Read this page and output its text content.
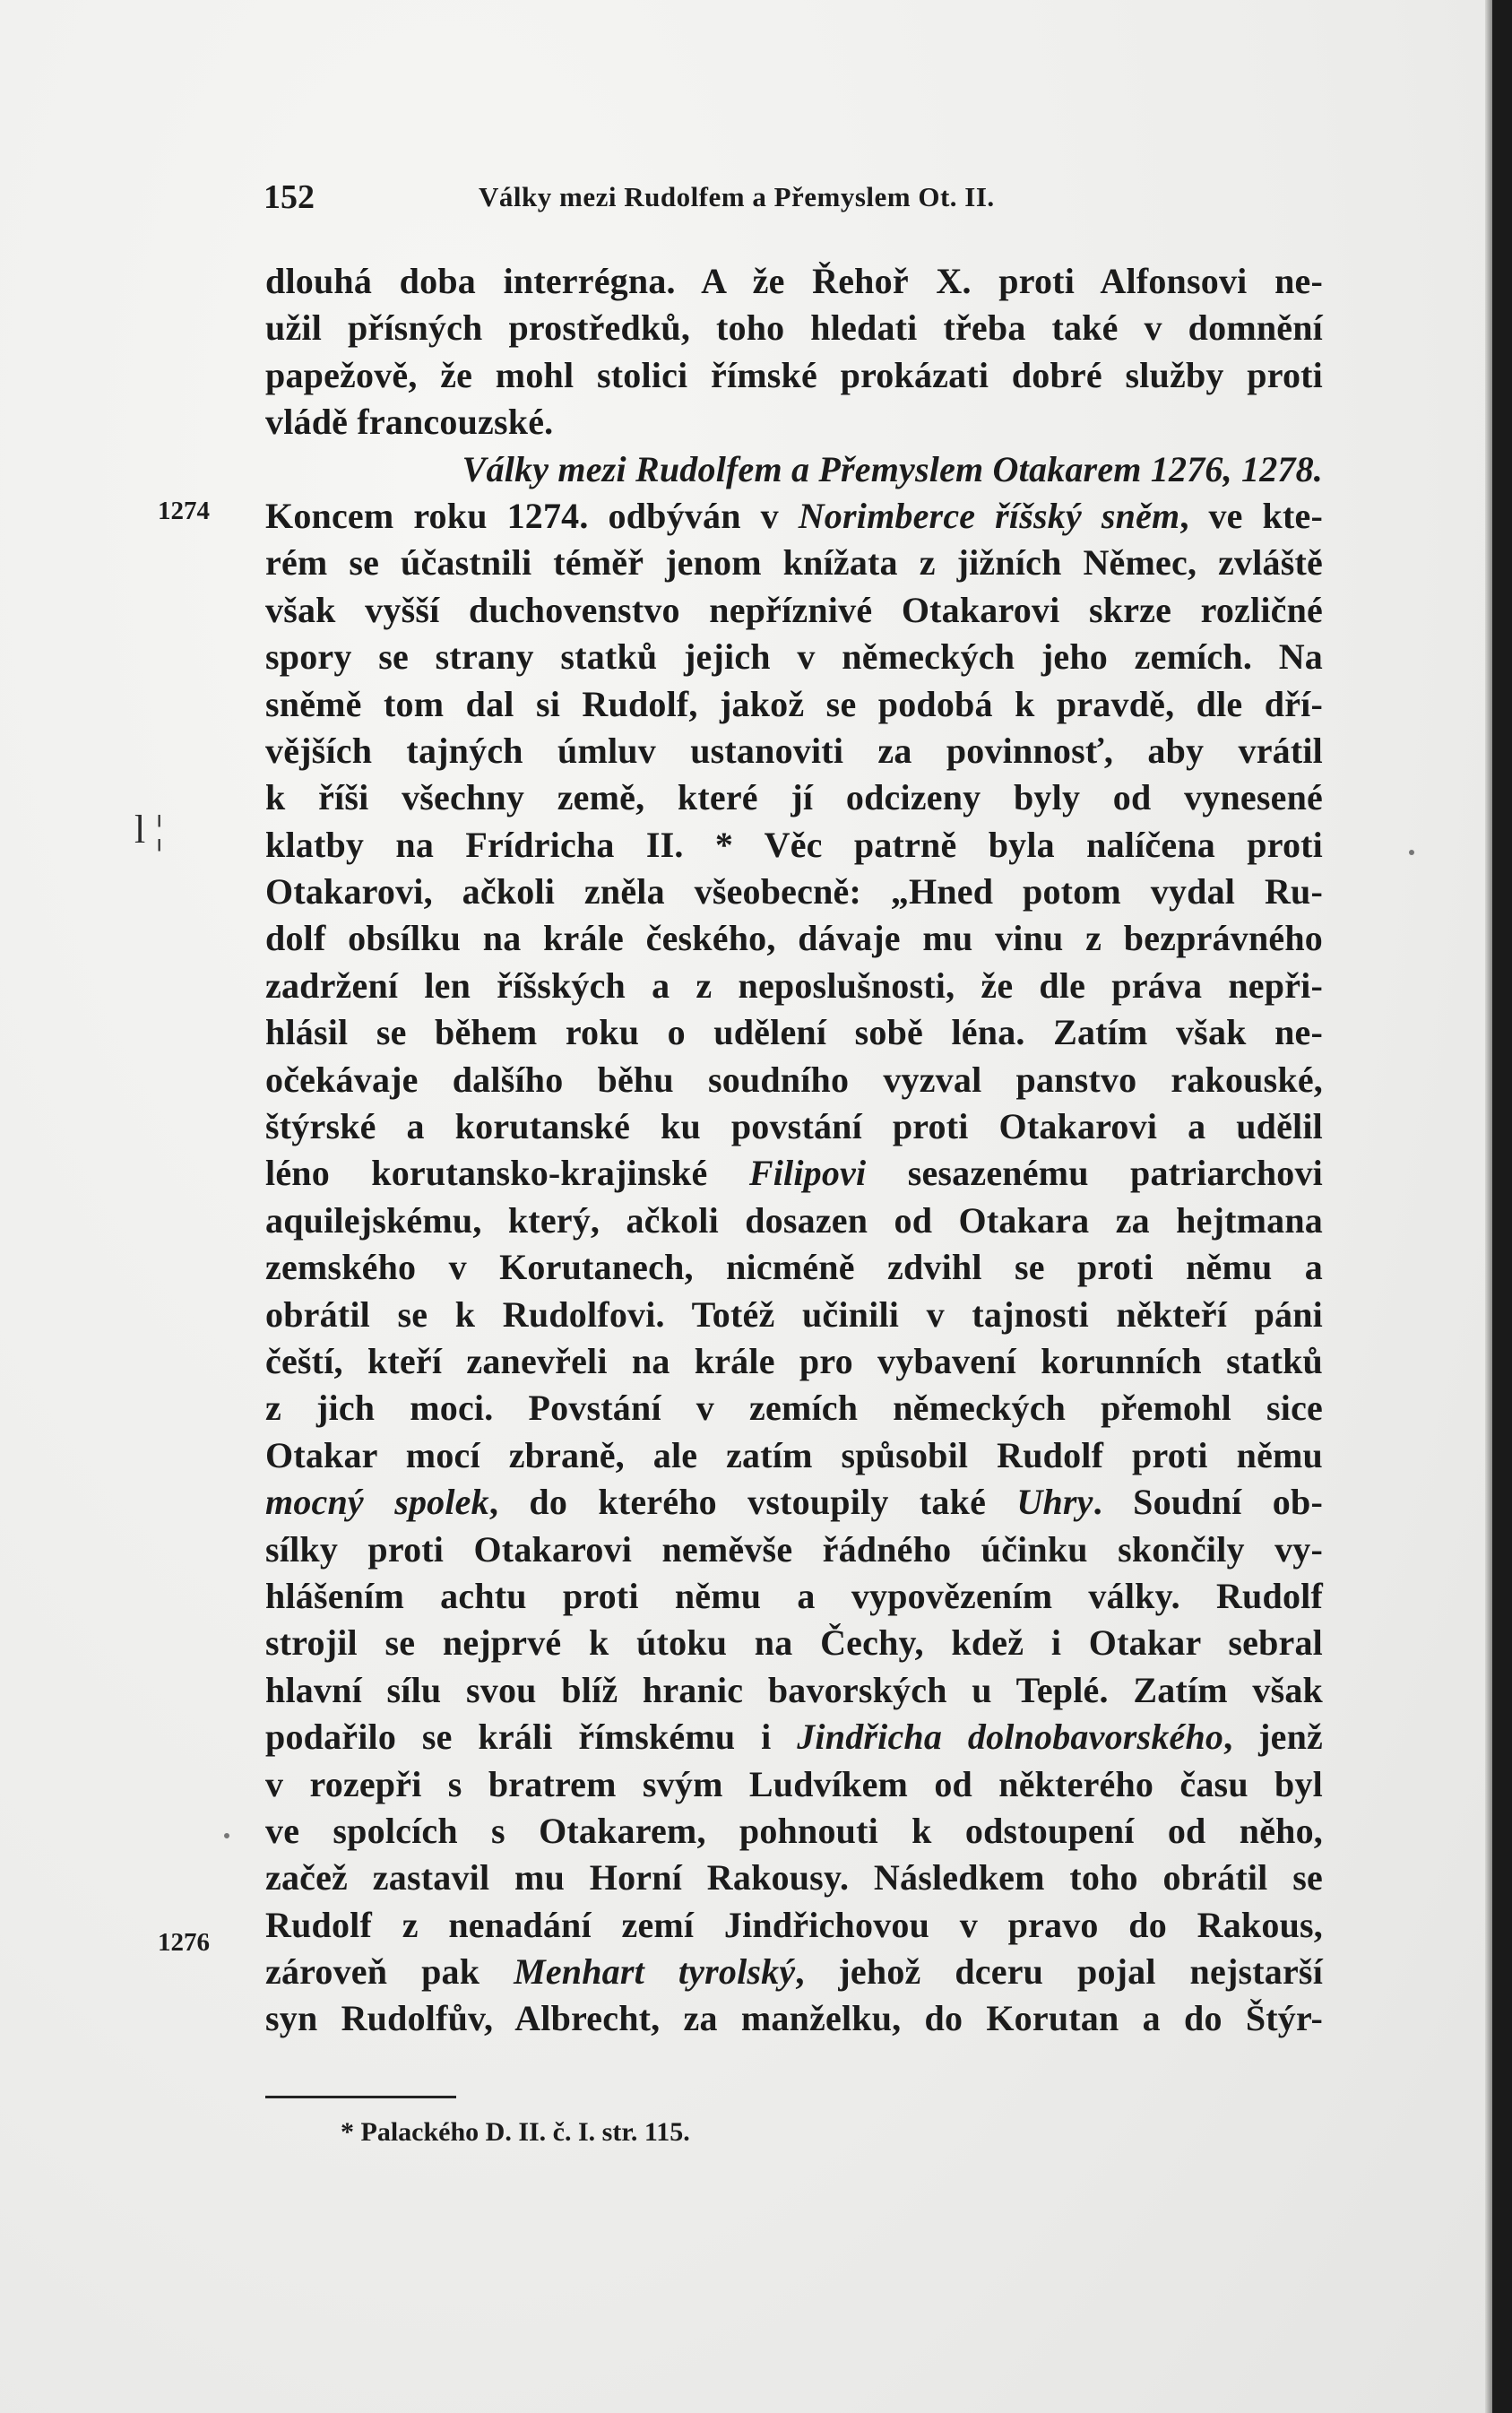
152	Války mezi Rudolfem a Přemyslem Ot. II.
dlouhá doba interrégna. A že Řehoř X. proti Alfonsovi ne-
užil přísných prostředků, toho hledati třeba také v domnění
papežově, že mohl stolici římské prokázati dobré služby proti
vládě francouzské.
Války mezi Rudolfem a Přemyslem Otakarem 1276, 1278.
Koncem roku 1274. odbýván v Norimberce říšský sněm, ve kte-
rém se účastnili téměř jenom knížata z jižních Němec, zvláště
však vyšší duchovenstvo nepříznivé Otakarovi skrze rozličné
spory se strany statků jejich v německých jeho zemích. Na
sněmě tom dal si Rudolf, jakož se podobá k pravdě, dle dří-
vějších tajných úmluv ustanoviti za povinnosť, aby vrátil
k říši všechny země, které jí odcizeny byly od vynesené
klatby na Frídricha II. * Věc patrně byla nalíčena proti
Otakarovi, ačkoli zněla všeobecně: „Hned potom vydal Ru-
dolf obsílku na krále českého, dávaje mu vinu z bezprávného
zadržení len říšských a z neposlušnosti, že dle práva nepři-
hlásil se během roku o udělení sobě léna. Zatím však ne-
očekávaje dalšího běhu soudního vyzval panstvo rakouské,
štýrské a korutanské ku povstání proti Otakarovi a udělil
léno korutansko-krajinské Filipovi sesazenému patriarchovi
aquilejskému, který, ačkoli dosazen od Otakara za hejtmana
zemského v Korutanech, nicméně zdvihl se proti němu a
obrátil se k Rudolfovi. Totéž učinili v tajnosti někteří páni
čeští, kteří zanevřeli na krále pro vybavení korunních statků
z jich moci. Povstání v zemích německých přemohl sice
Otakar mocí zbraně, ale zatím spůsobil Rudolf proti němu
mocný spolek, do kterého vstoupily také Uhry. Soudní ob-
sílky proti Otakarovi neměvše řádného účinku skončily vy-
hlášením achtu proti němu a vypovězením války. Rudolf
strojil se nejprvé k útoku na Čechy, kdež i Otakar sebral
hlavní sílu svou blíž hranic bavorských u Teplé. Zatím však
podařilo se králi římskému i Jindřicha dolnobavorského, jenž
v rozepři s bratrem svým Ludvíkem od některého času byl
ve spolcích s Otakarem, pohnouti k odstoupení od něho,
začež zastavil mu Horní Rakousy. Následkem toho obrátil se
Rudolf z nenadání zemí Jindřichovou v pravo do Rakous,
zároveň pak Menhart tyrolský, jehož dceru pojal nejstarší
syn Rudolfův, Albrecht, za manželku, do Korutan a do Štýr-
1274
1276
l ¦
* Palackého D. II. č. I. str. 115.
